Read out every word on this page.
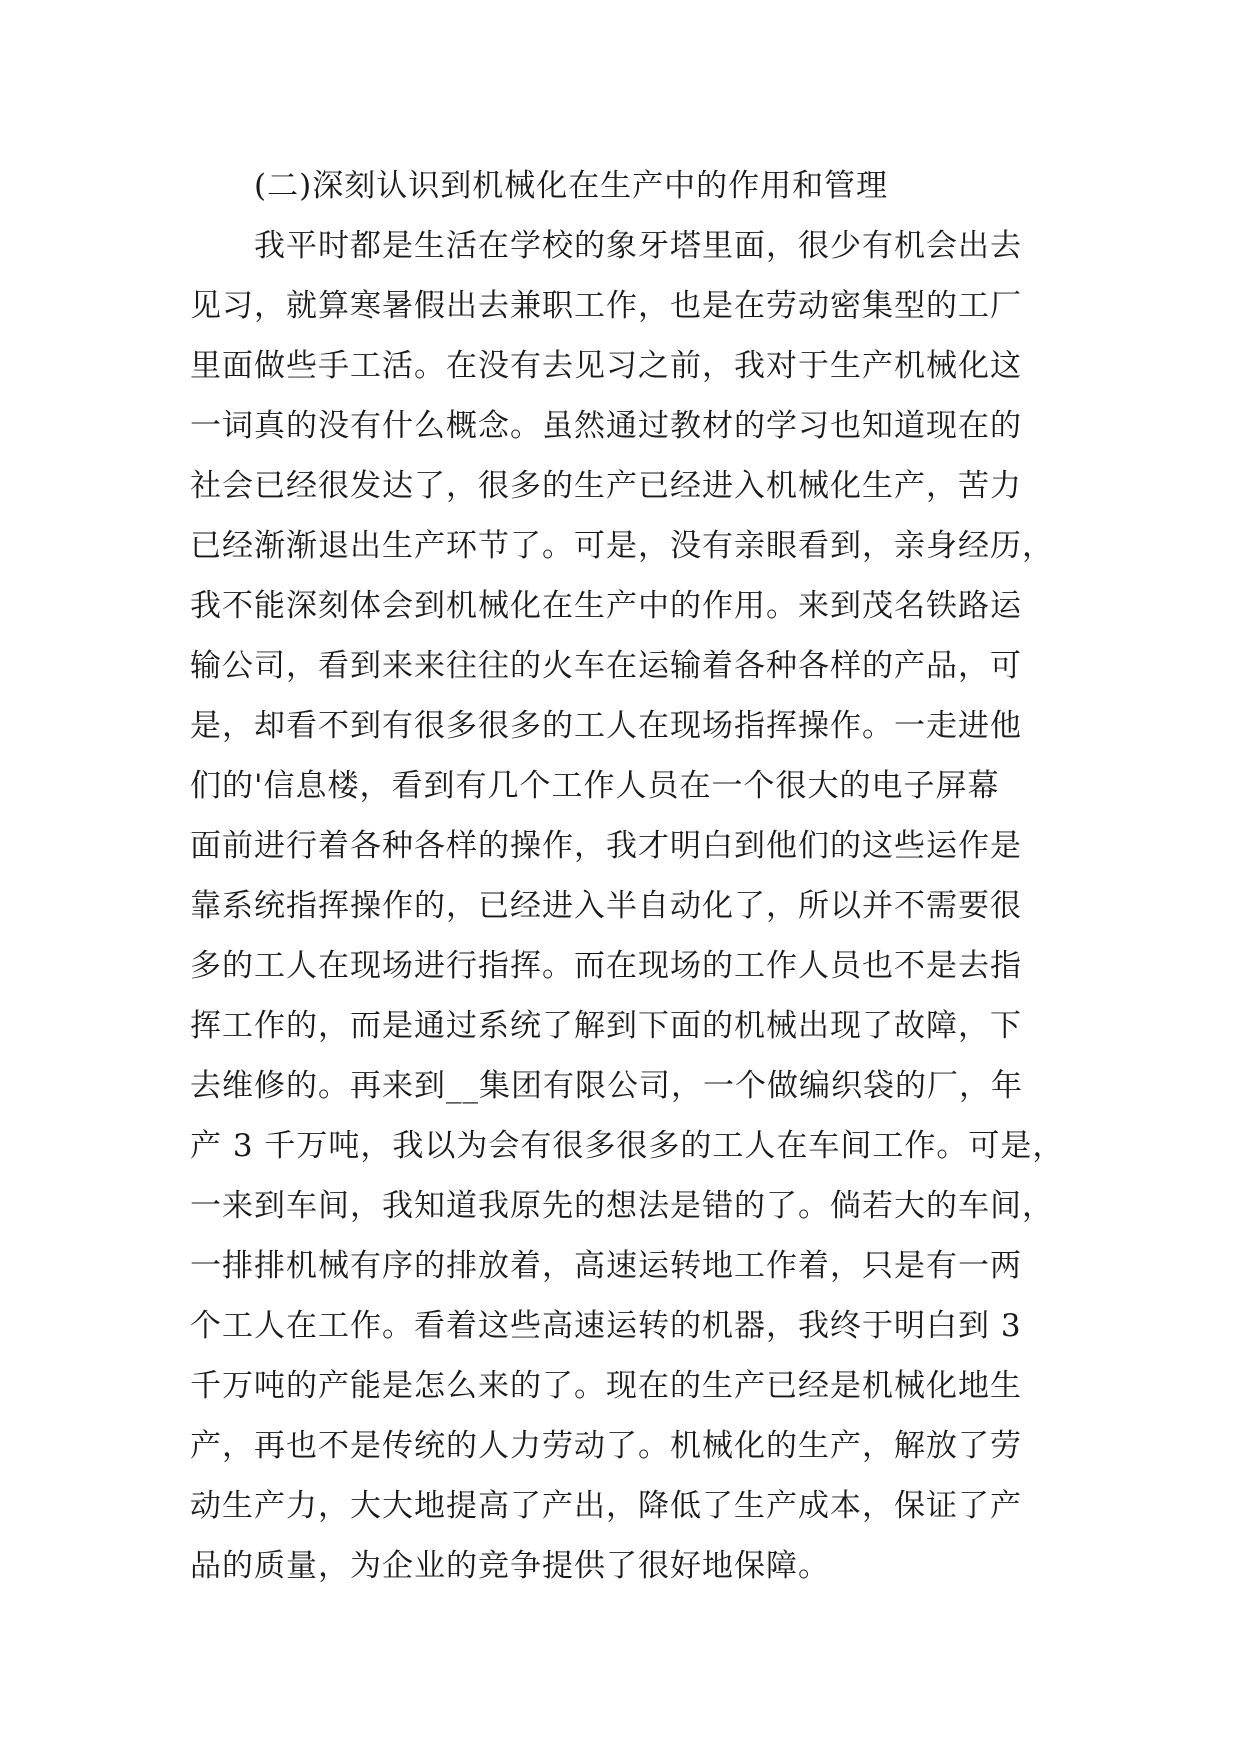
(二)深刻认识到机械化在生产中的作用和管理
我平时都是生活在学校的象牙塔里面，很少有机会出去
见习，就算寒暑假出去兼职工作，也是在劳动密集型的工厂
里面做些手工活。在没有去见习之前，我对于生产机械化这
一词真的没有什么概念。虽然通过教材的学习也知道现在的
社会已经很发达了，很多的生产已经进入机械化生产，苦力
已经渐渐退出生产环节了。可是，没有亲眼看到，亲身经历，
我不能深刻体会到机械化在生产中的作用。来到茂名铁路运
输公司，看到来来往往的火车在运输着各种各样的产品，可
是，却看不到有很多很多的工人在现场指挥操作。一走进他
们的'信息楼，看到有几个工作人员在一个很大的电子屏幕
面前进行着各种各样的操作，我才明白到他们的这些运作是
靠系统指挥操作的，已经进入半自动化了，所以并不需要很
多的工人在现场进行指挥。而在现场的工作人员也不是去指
挥工作的，而是通过系统了解到下面的机械出现了故障，下
去维修的。再来到__集团有限公司，一个做编织袋的厂，年
产 3 千万吨，我以为会有很多很多的工人在车间工作。可是，
一来到车间，我知道我原先的想法是错的了。倘若大的车间，
一排排机械有序的排放着，高速运转地工作着，只是有一两
个工人在工作。看着这些高速运转的机器，我终于明白到 3
千万吨的产能是怎么来的了。现在的生产已经是机械化地生
产，再也不是传统的人力劳动了。机械化的生产，解放了劳
动生产力，大大地提高了产出，降低了生产成本，保证了产
品的质量，为企业的竞争提供了很好地保障。
